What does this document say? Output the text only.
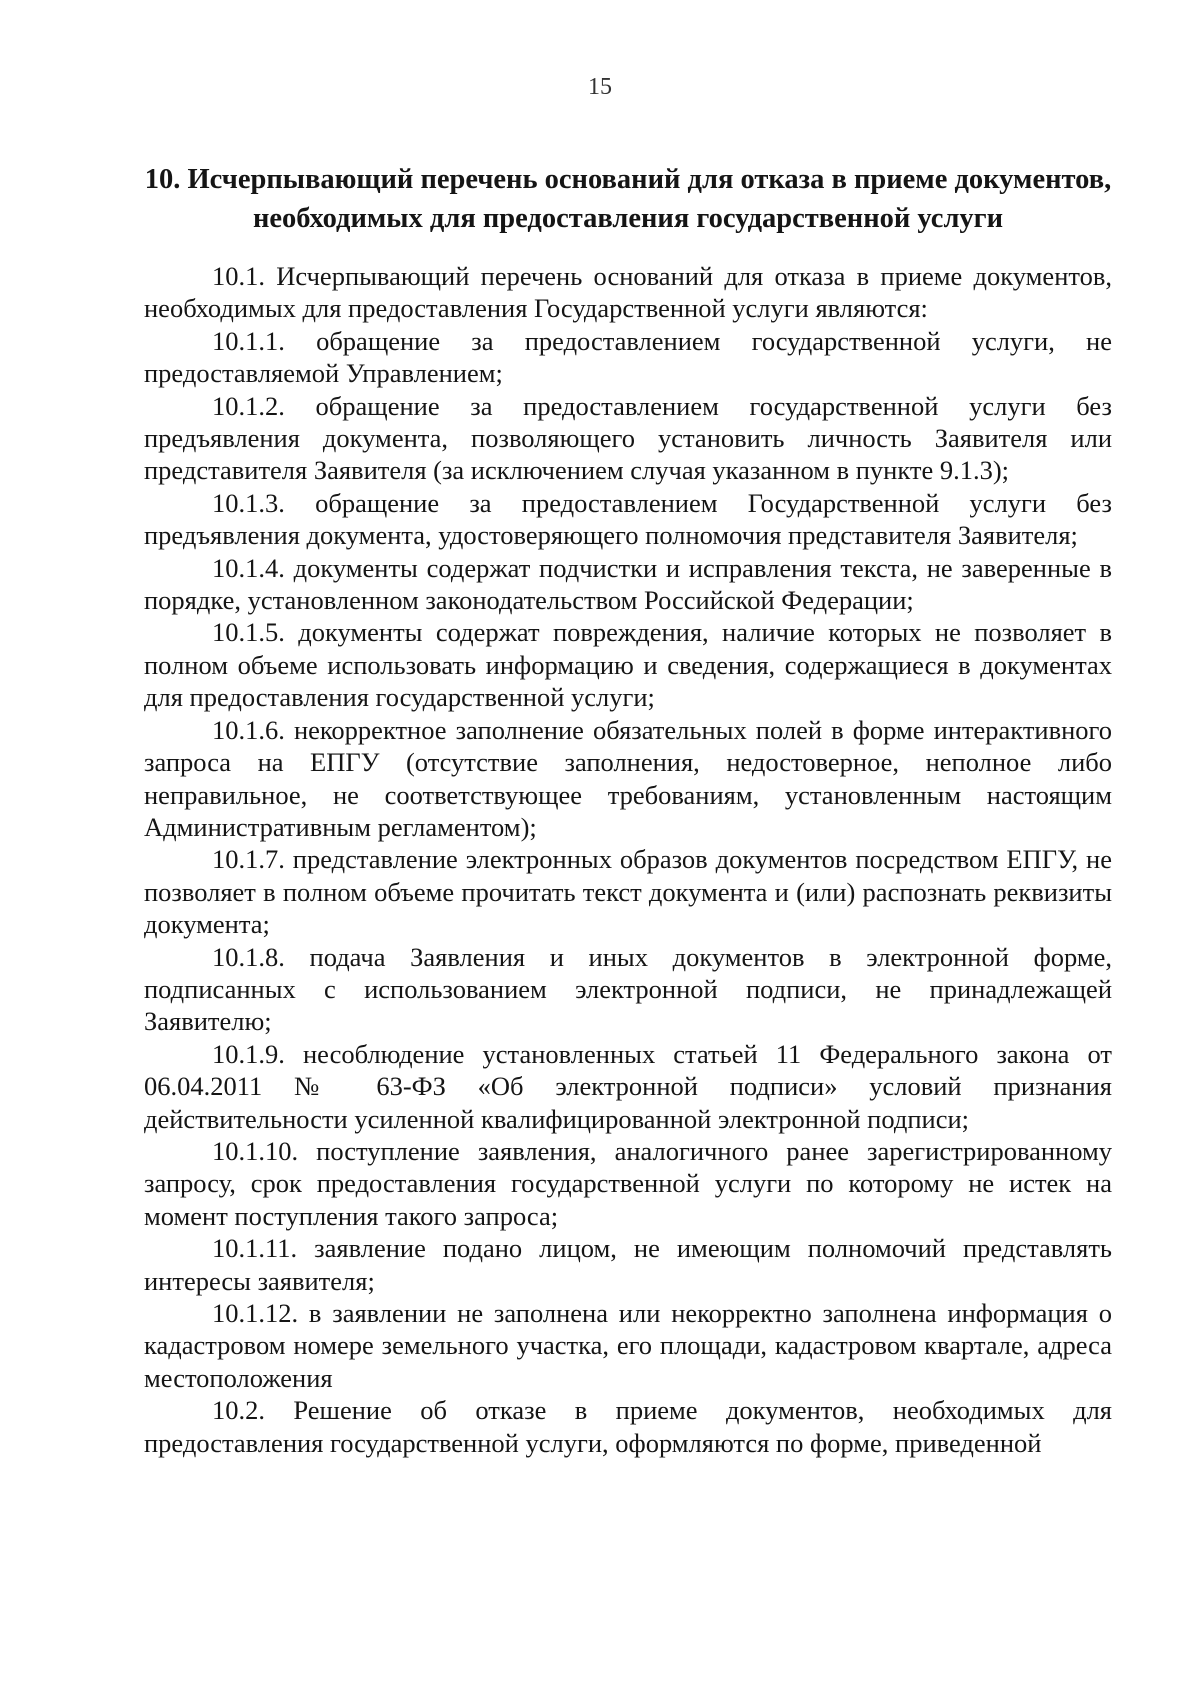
15
10. Исчерпывающий перечень оснований для отказа в приеме документов,
необходимых для предоставления государственной услуги

10.1. Исчерпывающий перечень оснований для отказа в приеме документов, необходимых для предоставления Государственной услуги являются:

10.1.1. обращение за предоставлением государственной услуги, не предоставляемой Управлением;

10.1.2. обращение за предоставлением государственной услуги без предъявления документа, позволяющего установить личность Заявителя или представителя Заявителя (за исключением случая указанном в пункте 9.1.3);

10.1.3. обращение за предоставлением Государственной услуги без предъявления документа, удостоверяющего полномочия представителя Заявителя;

10.1.4. документы содержат подчистки и исправления текста, не заверенные в порядке, установленном законодательством Российской Федерации;

10.1.5. документы содержат повреждения, наличие которых не позволяет в полном объеме использовать информацию и сведения, содержащиеся в документах для предоставления государственной услуги;

10.1.6. некорректное заполнение обязательных полей в форме интерактивного запроса на ЕПГУ (отсутствие заполнения, недостоверное, неполное либо неправильное, не соответствующее требованиям, установленным настоящим Административным регламентом);

10.1.7. представление электронных образов документов посредством ЕПГУ, не позволяет в полном объеме прочитать текст документа и (или) распознать реквизиты документа;

10.1.8. подача Заявления и иных документов в электронной форме, подписанных с использованием электронной подписи, не принадлежащей Заявителю;

10.1.9. несоблюдение установленных статьей 11 Федерального закона от 06.04.2011 № 63-ФЗ «Об электронной подписи» условий признания действительности усиленной квалифицированной электронной подписи;

10.1.10. поступление заявления, аналогичного ранее зарегистрированному запросу, срок предоставления государственной услуги по которому не истек на момент поступления такого запроса;

10.1.11. заявление подано лицом, не имеющим полномочий представлять интересы заявителя;

10.1.12. в заявлении не заполнена или некорректно заполнена информация о кадастровом номере земельного участка, его площади, кадастровом квартале, адреса местоположения

10.2. Решение об отказе в приеме документов, необходимых для предоставления государственной услуги, оформляются по форме, приведенной
